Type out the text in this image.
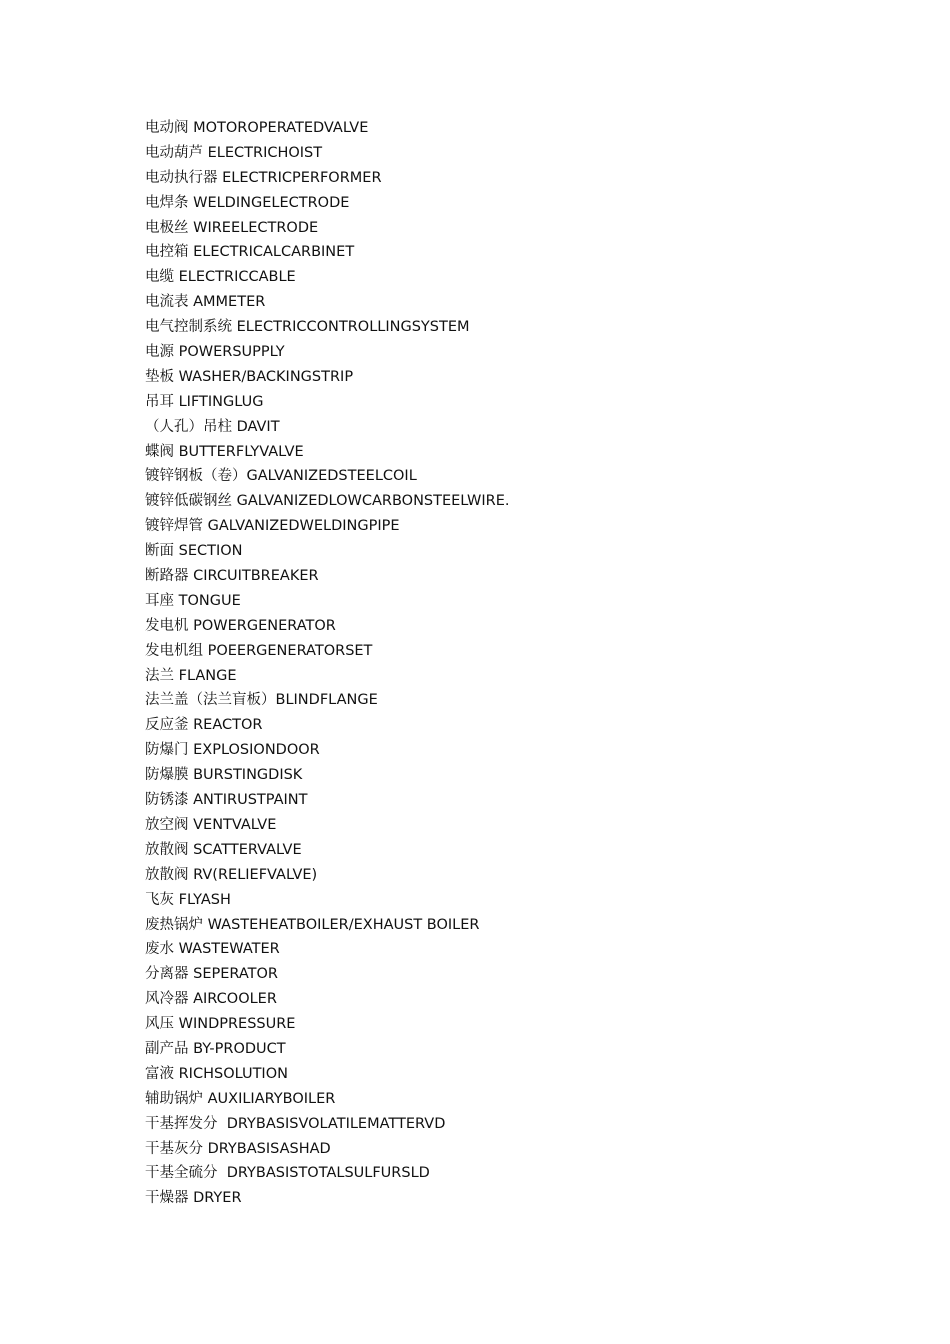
电动阀 MOTOROPERATEDVALVE
电动葫芦 ELECTRICHOIST
电动执行器 ELECTRICPERFORMER
电焊条 WELDINGELECTRODE
电极丝 WIREELECTRODE
电控箱 ELECTRICALCARBINET
电缆 ELECTRICCABLE
电流表 AMMETER
电气控制系统 ELECTRICCONTROLLINGSYSTEM
电源 POWERSUPPLY
垫板 WASHER/BACKINGSTRIP
吊耳 LIFTINGLUG
（人孔）吊柱 DAVIT
蝶阀 BUTTERFLYVALVE
镀锌钢板（卷）GALVANIZEDSTEELCOIL
镀锌低碳钢丝 GALVANIZEDLOWCARBONSTEELWIRE.
镀锌焊管 GALVANIZEDWELDINGPIPE
断面 SECTION
断路器 CIRCUITBREAKER
耳座 TONGUE
发电机 POWERGENERATOR
发电机组 POEERGENERATORSET
法兰 FLANGE
法兰盖（法兰盲板）BLINDFLANGE
反应釜 REACTOR
防爆门 EXPLOSIONDOOR
防爆膜 BURSTINGDISK
防锈漆 ANTIRUSTPAINT
放空阀 VENTVALVE
放散阀 SCATTERVALVE
放散阀 RV(RELIEFVALVE)
飞灰 FLYASH
废热锅炉 WASTEHEATBOILER/EXHAUST BOILER
废水 WASTEWATER
分离器 SEPERATOR
风冷器 AIRCOOLER
风压 WINDPRESSURE
副产品 BY-PRODUCT
富液 RICHSOLUTION
辅助锅炉 AUXILIARYBOILER
干基挥发分  DRYBASISVOLATILEMATTERVD
干基灰分 DRYBASISASHAD
干基全硫分  DRYBASISTOTALSULFURSLD
干燥器 DRYER
